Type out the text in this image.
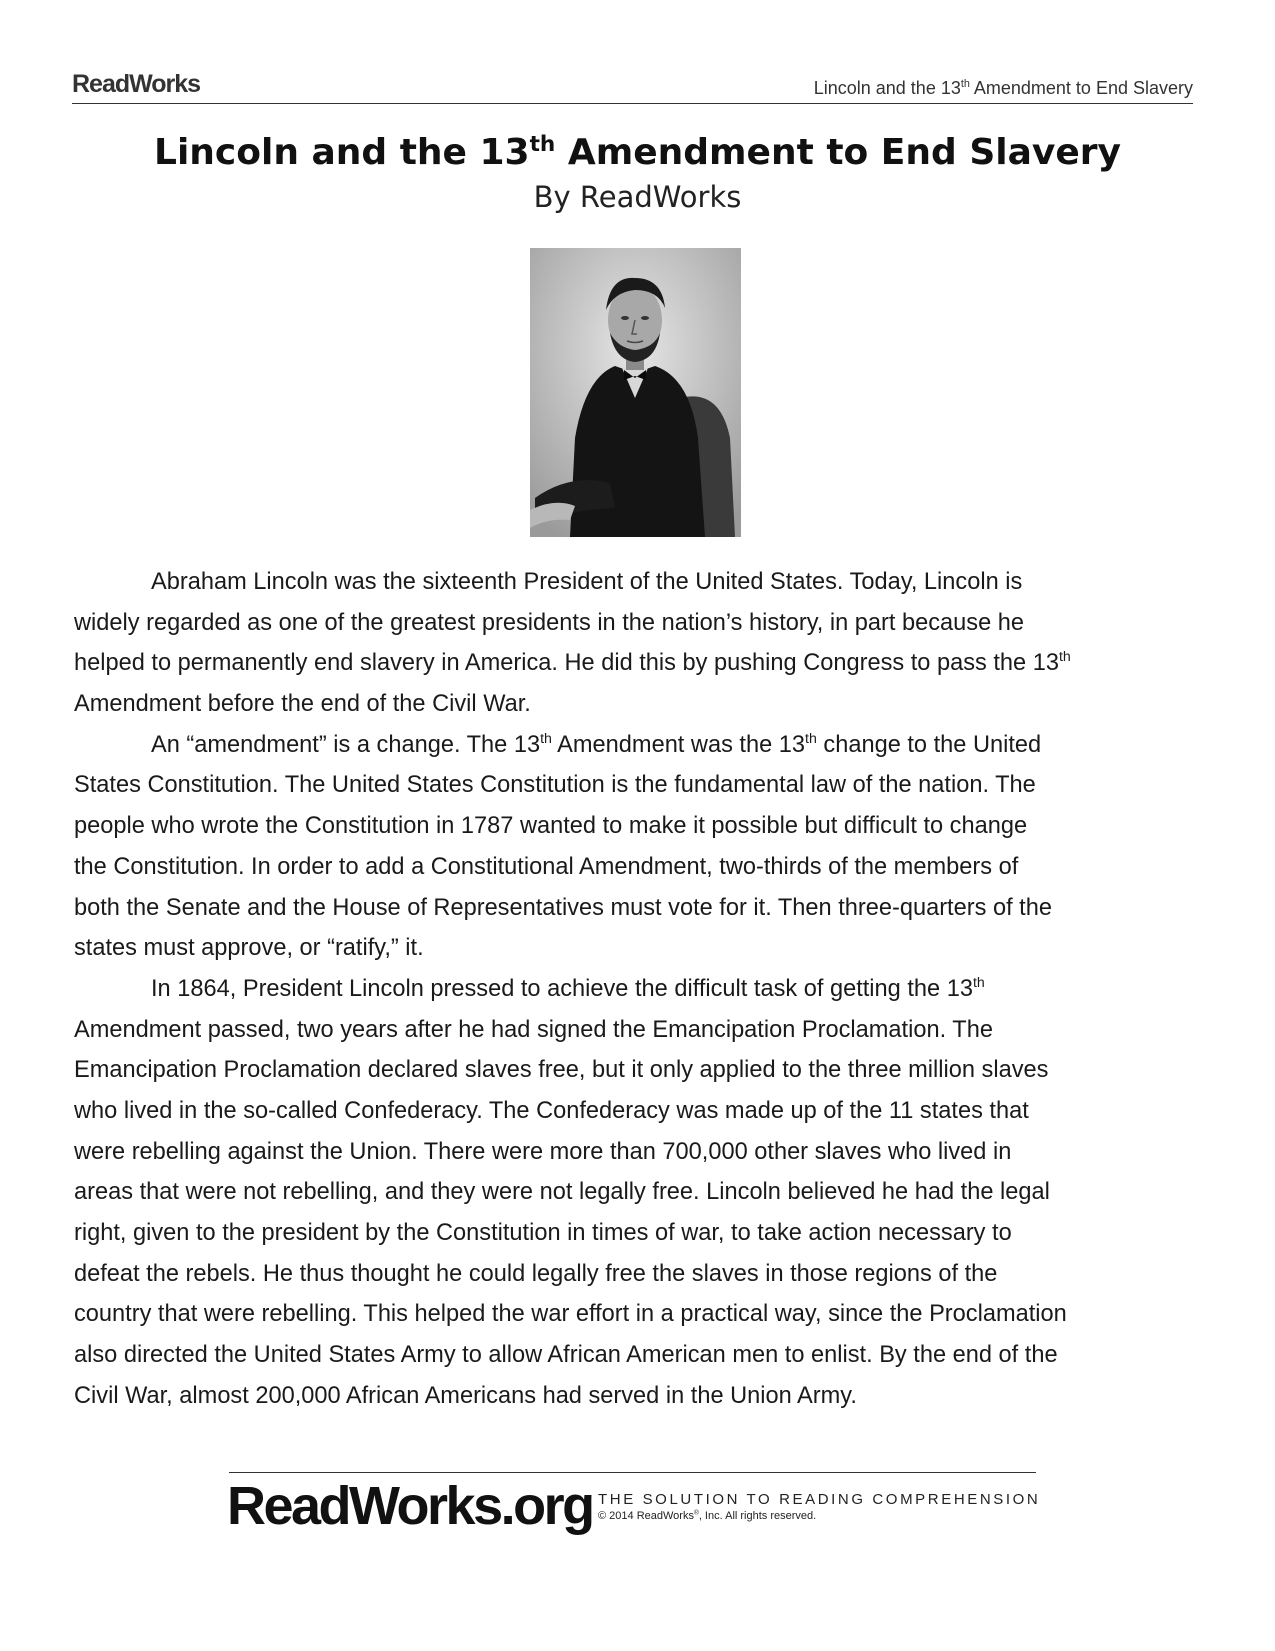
ReadWorks	Lincoln and the 13th Amendment to End Slavery
Lincoln and the 13th Amendment to End Slavery
By ReadWorks
Abraham Lincoln was the sixteenth President of the United States. Today, Lincoln is
widely regarded as one of the greatest presidents in the nation’s history, in part because he
helped to permanently end slavery in America. He did this by pushing Congress to pass the 13th
Amendment before the end of the Civil War.
An “amendment” is a change. The 13th Amendment was the 13th change to the United
States Constitution. The United States Constitution is the fundamental law of the nation. The
people who wrote the Constitution in 1787 wanted to make it possible but difficult to change
the Constitution. In order to add a Constitutional Amendment, two-thirds of the members of
both the Senate and the House of Representatives must vote for it. Then three-quarters of the
states must approve, or “ratify,” it.
In 1864, President Lincoln pressed to achieve the difficult task of getting the 13th
Amendment passed, two years after he had signed the Emancipation Proclamation. The
Emancipation Proclamation declared slaves free, but it only applied to the three million slaves
who lived in the so-called Confederacy. The Confederacy was made up of the 11 states that
were rebelling against the Union. There were more than 700,000 other slaves who lived in
areas that were not rebelling, and they were not legally free. Lincoln believed he had the legal
right, given to the president by the Constitution in times of war, to take action necessary to
defeat the rebels. He thus thought he could legally free the slaves in those regions of the
country that were rebelling. This helped the war effort in a practical way, since the Proclamation
also directed the United States Army to allow African American men to enlist. By the end of the
Civil War, almost 200,000 African Americans had served in the Union Army.
ReadWorks.org THE SOLUTION TO READING COMPREHENSION
© 2014 ReadWorks®, Inc. All rights reserved.
